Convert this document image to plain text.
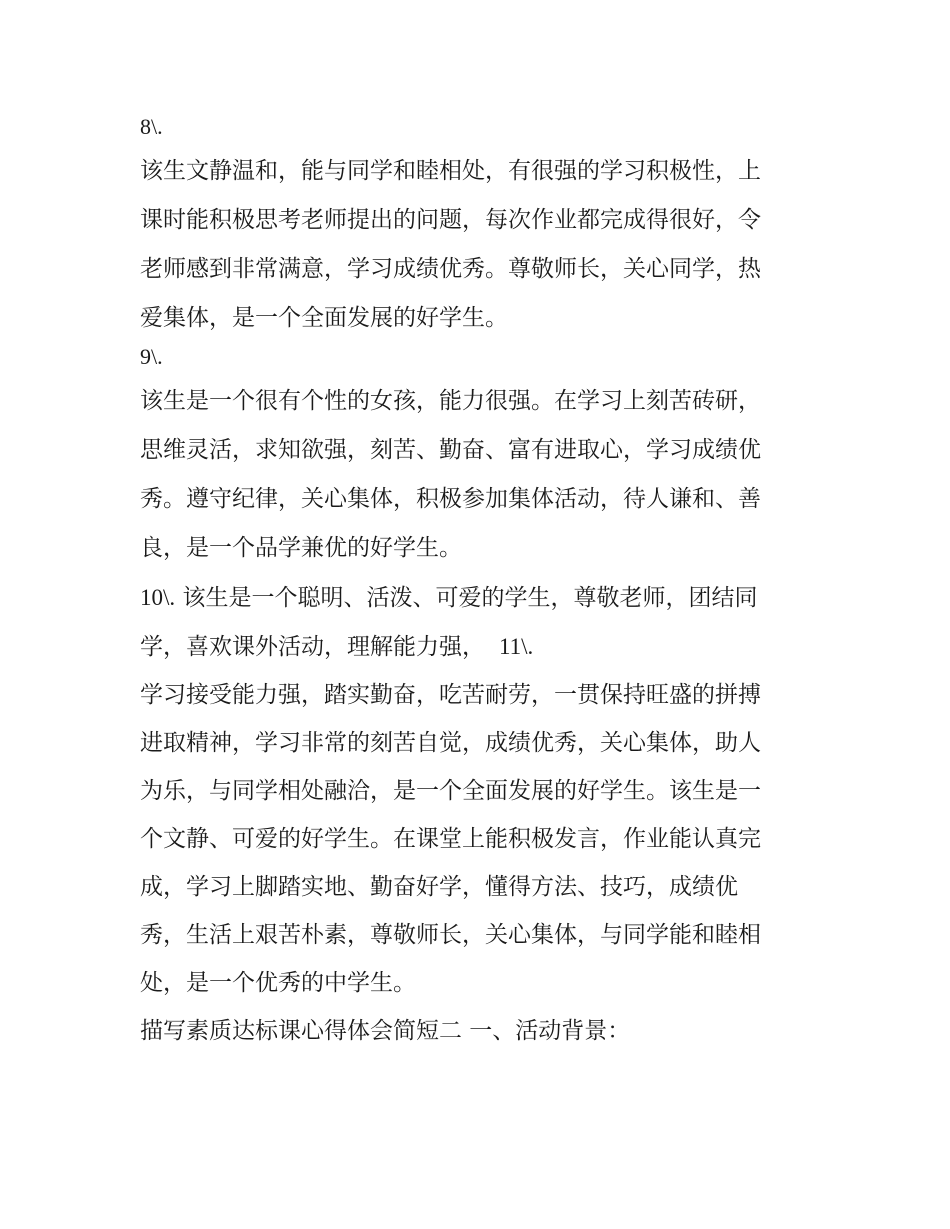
8\.
该生文静温和，能与同学和睦相处，有很强的学习积极性，上
课时能积极思考老师提出的问题，每次作业都完成得很好，令
老师感到非常满意，学习成绩优秀。尊敬师长，关心同学，热
爱集体，是一个全面发展的好学生。
9\.
该生是一个很有个性的女孩，能力很强。在学习上刻苦砖研，
思维灵活，求知欲强，刻苦、勤奋、富有进取心，学习成绩优
秀。遵守纪律，关心集体，积极参加集体活动，待人谦和、善
良，是一个品学兼优的好学生。
10\. 该生是一个聪明、活泼、可爱的学生，尊敬老师，团结同
学，喜欢课外活动，理解能力强， 11\.
学习接受能力强，踏实勤奋，吃苦耐劳，一贯保持旺盛的拼搏
进取精神，学习非常的刻苦自觉，成绩优秀，关心集体，助人
为乐，与同学相处融洽，是一个全面发展的好学生。该生是一
个文静、可爱的好学生。在课堂上能积极发言，作业能认真完
成，学习上脚踏实地、勤奋好学，懂得方法、技巧，成绩优
秀，生活上艰苦朴素，尊敬师长，关心集体，与同学能和睦相
处，是一个优秀的中学生。
描写素质达标课心得体会简短二 一、活动背景：
